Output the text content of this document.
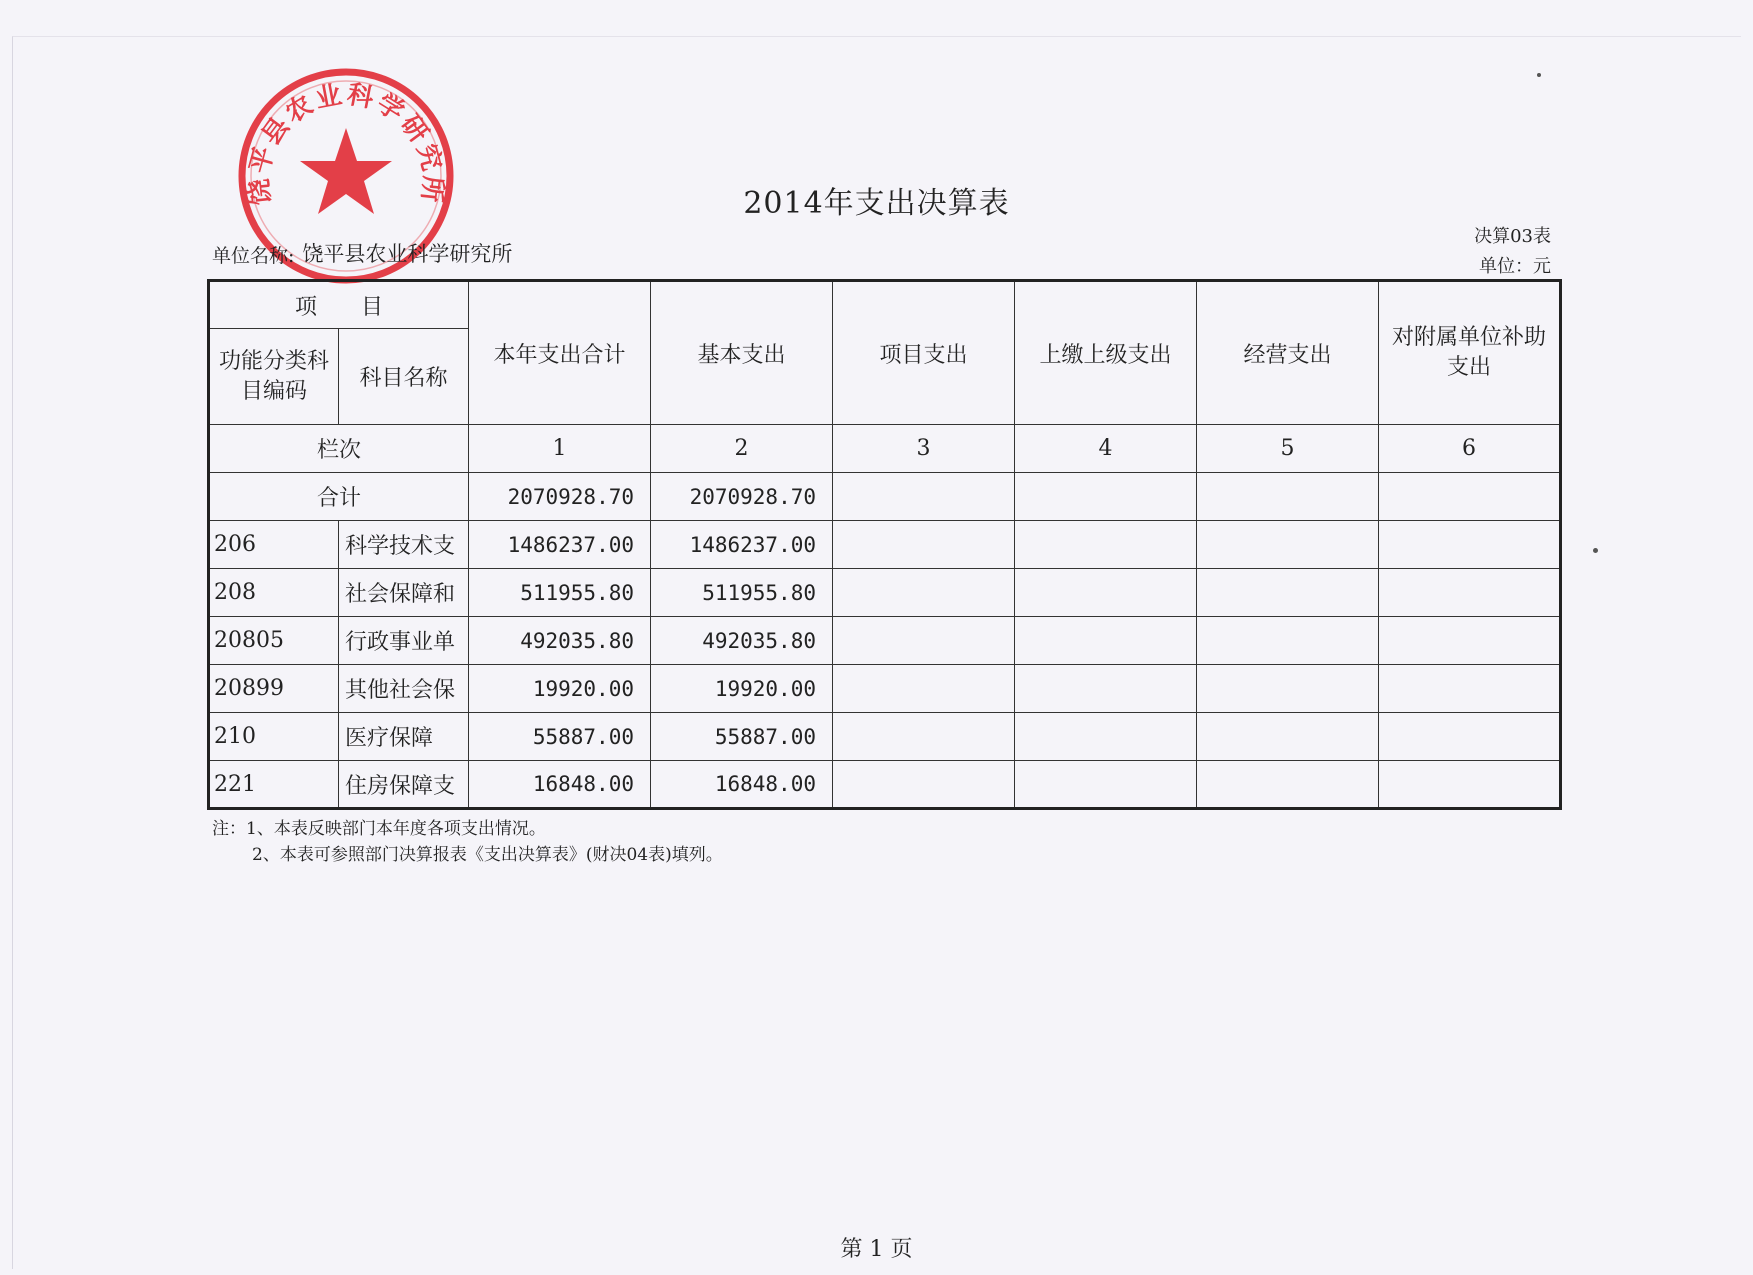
饶平县农业科学研究所	2014年支出决算表
决算03表
单位：元
单位名称: 饶平县农业科学研究所
项　　目		本年支出合计	基本支出	项目支出	上缴上级支出	经营支出	对附属单位补助支出
功能分类科目编码	科目名称						
栏次		1	2	3	4	5	6
合计		2070928.70	2070928.70				
206	科学技术支	1486237.00	1486237.00				
208	社会保障和	511955.80	511955.80				
20805	行政事业单	492035.80	492035.80				
20899	其他社会保	19920.00	19920.00				
210	医疗保障	55887.00	55887.00				
221	住房保障支	16848.00	16848.00				
注：1、本表反映部门本年度各项支出情况。
2、本表可参照部门决算报表《支出决算表》(财决04表)填列。
第 1 页
